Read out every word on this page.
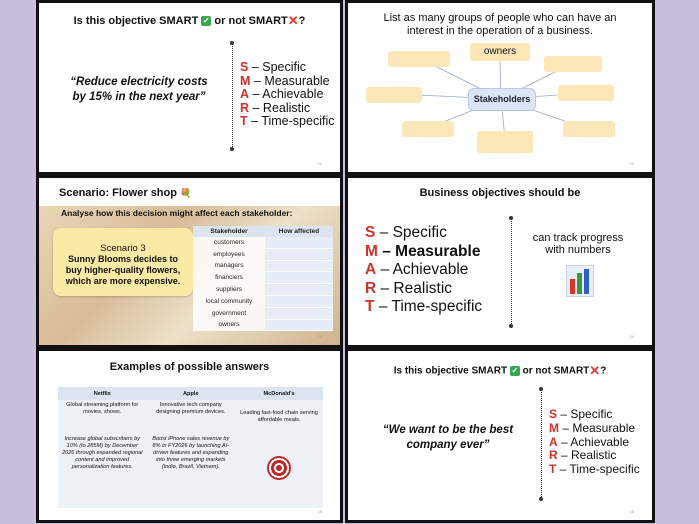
Is this objective SMART ✓ or not SMART✕?
“Reduce electricity costs
by 15% in the next year”
S – Specific
M – Measurable
A – Achievable
R – Realistic
T – Time-specific
21
List as many groups of people who can have an
interest in the operation of a business.
owners
Stakeholders
22
Scenario: Flower shop 💐
Analyse how this decision might affect each stakeholder:
Scenario 3
Sunny Blooms decides to
buy higher-quality flowers,
which are more expensive.
Stakeholder	How affected
customers	
employees	
managers	
financiers	
suppliers	
local community	
government	
owners	
23
Business objectives should be
S – Specific
M – Measurable
A – Achievable
R – Realistic
T – Time-specific
can track progress
with numbers
24
Examples of possible answers
Netflix	Apple	McDonald’s
Global streaming platform for movies, shows.	Innovative tech company designing premium devices.	Leading fast-food chain serving affordable meals.
Increase global subscribers by 10% (to 285M) by December 2026 through expanded regional content and improved personalization features.	Boost iPhone sales revenue by 8% in FY2026 by launching AI-driven features and expanding into three emerging markets (India, Brazil, Vietnam).	
25
Is this objective SMART ✓ or not SMART✕?
“We want to be the best
company ever”
S – Specific
M – Measurable
A – Achievable
R – Realistic
T – Time-specific
26
